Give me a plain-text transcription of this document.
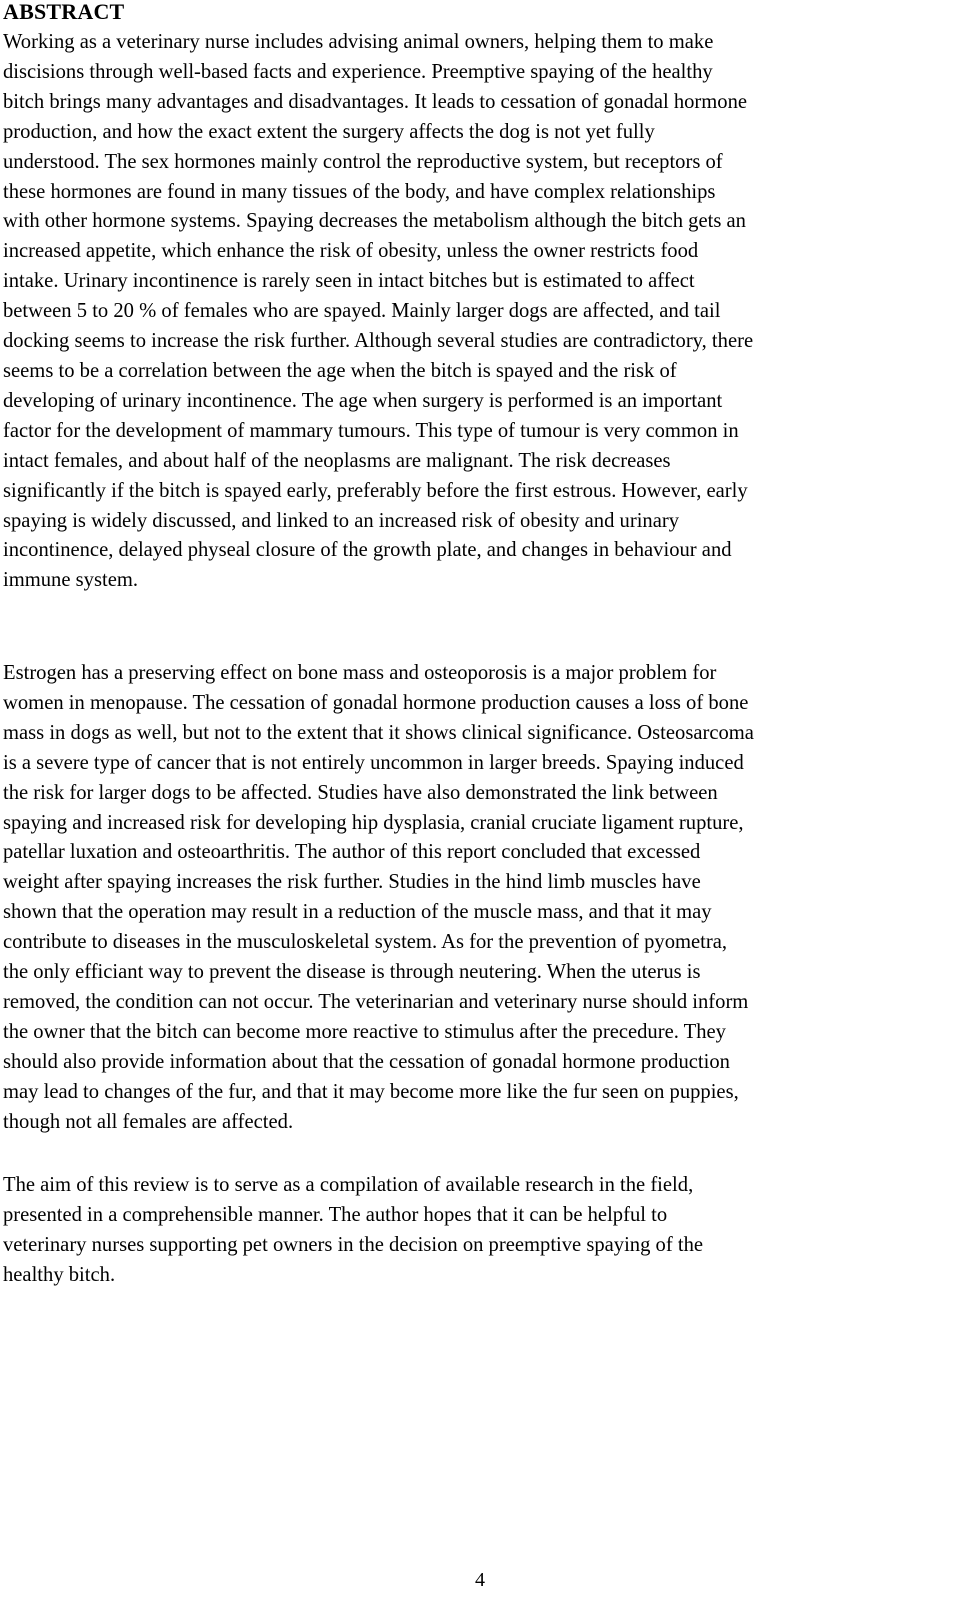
ABSTRACT
Working as a veterinary nurse includes advising animal owners, helping them to make
discisions through well-based facts and experience. Preemptive spaying of the healthy
bitch brings many advantages and disadvantages. It leads to cessation of gonadal hormone
production, and how the exact extent the surgery affects the dog is not yet fully
understood. The sex hormones mainly control the reproductive system, but receptors of
these hormones are found in many tissues of the body, and have complex relationships
with other hormone systems. Spaying decreases the metabolism although the bitch gets an
increased appetite, which enhance the risk of obesity, unless the owner restricts food
intake. Urinary incontinence is rarely seen in intact bitches but is estimated to affect
between 5 to 20 % of females who are spayed. Mainly larger dogs are affected, and tail
docking seems to increase the risk further. Although several studies are contradictory, there
seems to be a correlation between the age when the bitch is spayed and the risk of
developing of urinary incontinence. The age when surgery is performed is an important
factor for the development of mammary tumours. This type of tumour is very common in
intact females, and about half of the neoplasms are malignant. The risk decreases
significantly if the bitch is spayed early, preferably before the first estrous. However, early
spaying is widely discussed, and linked to an increased risk of obesity and urinary
incontinence, delayed physeal closure of the growth plate, and changes in behaviour and
immune system.
Estrogen has a preserving effect on bone mass and osteoporosis is a major problem for
women in menopause. The cessation of gonadal hormone production causes a loss of bone
mass in dogs as well, but not to the extent that it shows clinical significance. Osteosarcoma
is a severe type of cancer that is not entirely uncommon in larger breeds. Spaying induced
the risk for larger dogs to be affected. Studies have also demonstrated the link between
spaying and increased risk for developing hip dysplasia, cranial cruciate ligament rupture,
patellar luxation and osteoarthritis. The author of this report concluded that excessed
weight after spaying increases the risk further. Studies in the hind limb muscles have
shown that the operation may result in a reduction of the muscle mass, and that it may
contribute to diseases in the musculoskeletal system. As for the prevention of pyometra,
the only efficiant way to prevent the disease is through neutering. When the uterus is
removed, the condition can not occur. The veterinarian and veterinary nurse should inform
the owner that the bitch can become more reactive to stimulus after the precedure. They
should also provide information about that the cessation of gonadal hormone production
may lead to changes of the fur, and that it may become more like the fur seen on puppies,
though not all females are affected.
The aim of this review is to serve as a compilation of available research in the field,
presented in a comprehensible manner. The author hopes that it can be helpful to
veterinary nurses supporting pet owners in the decision on preemptive spaying of the
healthy bitch.

4
